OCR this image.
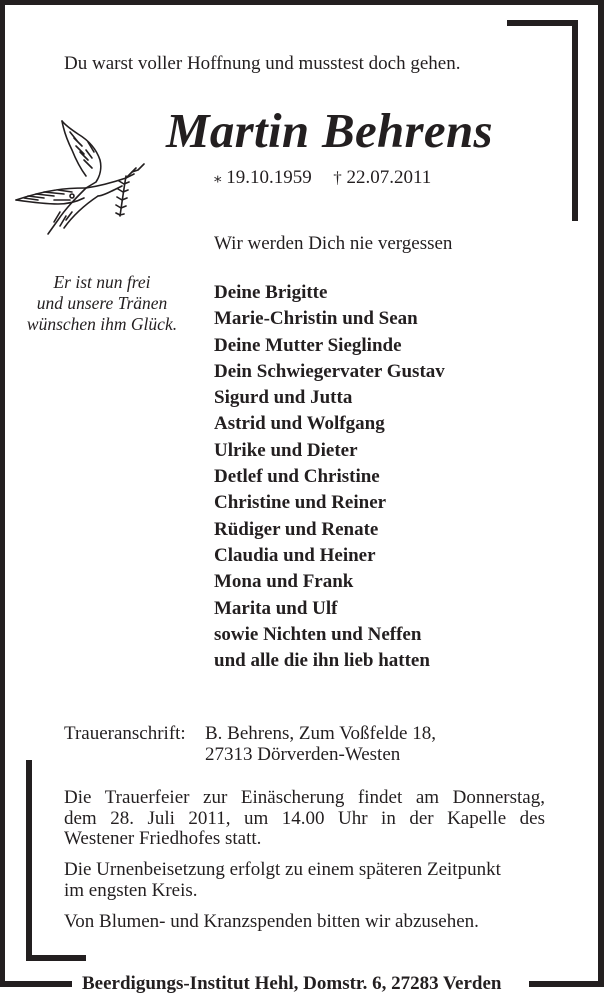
Du warst voller Hoffnung und musstest doch gehen.
Martin Behrens
⁎ 19.10.1959 † 22.07.2011
Wir werden Dich nie vergessen
Er ist nun frei
und unsere Tränen
wünschen ihm Glück.
Deine Brigitte
Marie-Christin und Sean
Deine Mutter Sieglinde
Dein Schwiegervater Gustav
Sigurd und Jutta
Astrid und Wolfgang
Ulrike und Dieter
Detlef und Christine
Christine und Reiner
Rüdiger und Renate
Claudia und Heiner
Mona und Frank
Marita und Ulf
sowie Nichten und Neffen
und alle die ihn lieb hatten
Traueranschrift: B. Behrens, Zum Voßfelde 18,
27313 Dörverden-Westen
Die Trauerfeier zur Einäscherung findet am Donnerstag,
dem 28. Juli 2011, um 14.00 Uhr in der Kapelle des
Westener Friedhofes statt.
Die Urnenbeisetzung erfolgt zu einem späteren Zeitpunkt
im engsten Kreis.
Von Blumen- und Kranzspenden bitten wir abzusehen.
Beerdigungs-Institut Hehl, Domstr. 6, 27283 Verden
